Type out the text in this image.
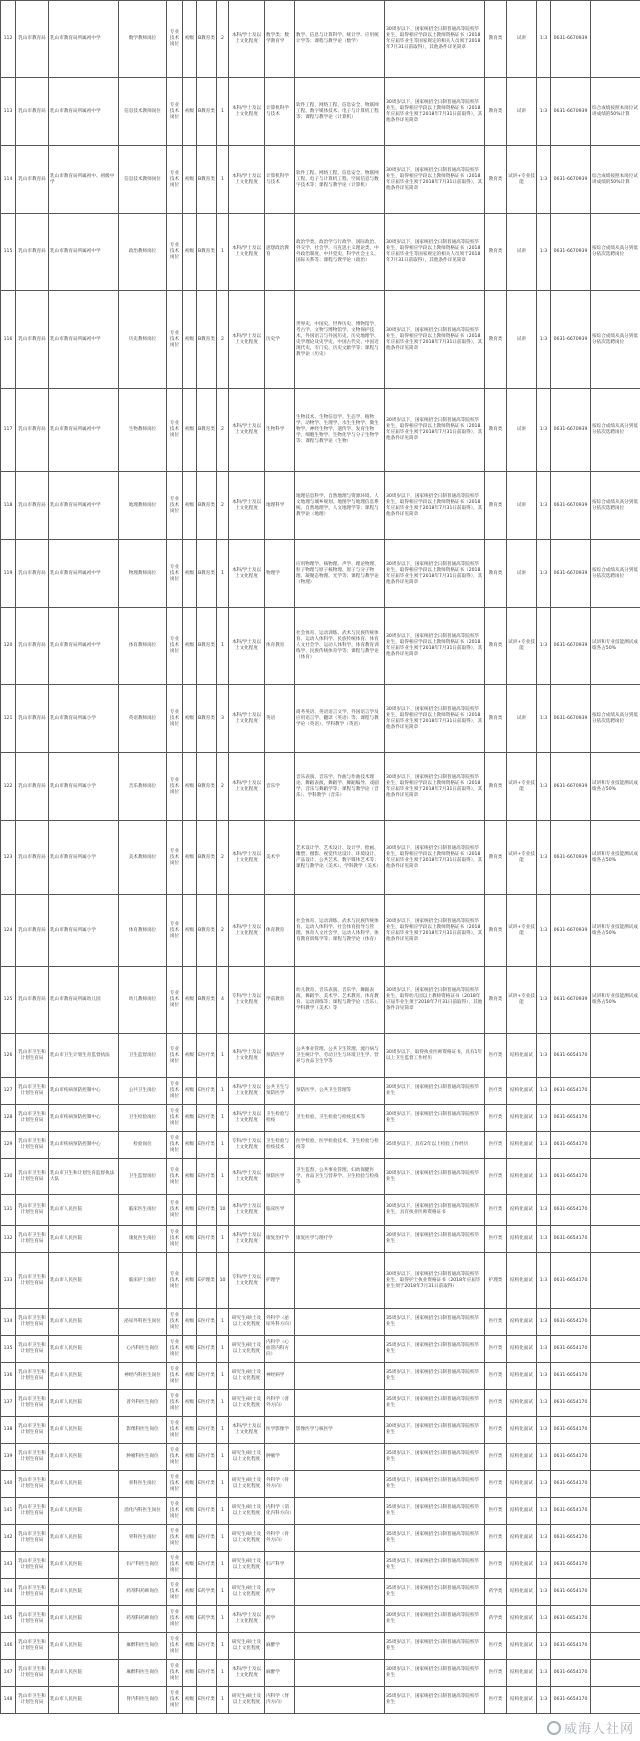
112	乳山市教育局	乳山市教育局所属初中学	数学教师岗位	专业技术岗位	初级	B教育类	2	本科/学士及以上文化程度	数学类；数学教育学	数学、信息与计算科学、统计学、应用统计学等；课程与教学论（数学）	30周岁以下，国家统招全日制普通高等院校毕业生，取得相应学段以上教师资格证书（2018年应届毕业生等国家规定的相关人员须于2018年7月31日前取得），其他条件详见简章	教育类	试讲	1:3	0631-6670939	
113	乳山市教育局	乳山市教育局所属初中学	信息技术教师岗位	专业技术岗位	初级	B教育类	1	本科/学士及以上文化程度	计算机科学与技术	软件工程、网络工程、信息安全、物联网工程、数字媒体技术、电子与计算机工程等；课程与教学论（计算机）	30周岁以下，国家统招全日制普通高等院校毕业生，取得相应学段以上教师资格证书（2018年应届毕业生须于2018年7月31日前取得），其他条件详见简章	教育类	试讲	1:3	0631-6670939	综合成绩按照本岗位试讲成绩的50%计算
114	乳山市教育局	乳山市教育局所属初中、初级中学	信息技术教师岗位	专业技术岗位	初级	B教育类	1	本科/学士及以上文化程度	计算机科学与技术	软件工程、网络工程、信息安全、物联网工程、电子与计算机工程、空间信息与数字技术等；课程与教学论（计算机）	30周岁以下，国家统招全日制普通高等院校毕业生，取得相应学段以上教师资格证书（2018年应届毕业生须于2018年7月31日前取得），其他条件详见简章	教育类	试讲+专业技能	1:3	0631-6670939	综合成绩按照本岗位试讲成绩的50%计算
115	乳山市教育局	乳山市教育局所属初中学	政治教师岗位	专业技术岗位	初级	B教育类	1	本科/学士及以上文化程度	思想政治教育	政治学类、政治学与行政学、国际政治、外交学、社会学、马克思主义理论类、中外政治制度、中共党史、科学社会主义、国际关系等；课程与教学论（政治）	30周岁以下，国家统招全日制普通高等院校毕业生，取得相应学段以上教师资格证书（2018年应届毕业生等国家规定的相关人员须于2018年7月31日前取得），其他条件详见简章	教育类	试讲	1:3	0631-6670939	按综合成绩从高分到低分依次选聘岗位
116	乳山市教育局	乳山市教育局所属初中学	历史教师岗位	专业技术岗位	初级	B教育类	2	本科/学士及以上文化程度	历史学	世界史、中国史、世界历史、博物馆学、考古学、文物与博物馆学、文物保护技术、外国语言与外国历史、历史地理学、史学理论及史学史、中国古代史、中国近现代史、专门史、历史文献学等；课程与教学论（历史）	30周岁以下，国家统招全日制普通高等院校毕业生，取得相应学段以上教师资格证书（2018年应届毕业生须于2018年7月31日前取得），其他条件详见简章	教育类	试讲	1:3	0631-6670939	按综合成绩从高分到低分依次选聘岗位
117	乳山市教育局	乳山市教育局所属初中学	生物教师岗位	专业技术岗位	初级	B教育类	2	本科/学士及以上文化程度	生物科学	生物技术、生物信息学、生态学、植物学、动物学、生理学、水生生物学、微生物学、神经生物学、遗传学、发育生物学、细胞生物学、生物化学与分子生物学等；课程与教学论（生物）	30周岁以下，国家统招全日制普通高等院校毕业生，取得相应学段以上教师资格证书（2018年应届毕业生须于2018年7月31日前取得），其他条件详见简章	教育类	试讲	1:3	0631-6670939	按综合成绩从高分到低分依次选聘岗位
118	乳山市教育局	乳山市教育局所属初中学	地理教师岗位	专业技术岗位	初级	B教育类	2	本科/学士及以上文化程度	地理科学	地理信息科学、自然地理与资源环境、人文地理与城乡规划、地图学与地理信息系统、自然地理学、人文地理学等；课程与教学论（地理）	30周岁以下，国家统招全日制普通高等院校毕业生，取得相应学段以上教师资格证书（2018年应届毕业生须于2018年7月31日前取得），其他条件详见简章	教育类	试讲	1:3	0631-6670939	按综合成绩从高分到低分依次选聘岗位
119	乳山市教育局	乳山市教育局所属初中学	物理教师岗位	专业技术岗位	初级	B教育类	1	本科/学士及以上文化程度	物理学	应用物理学、核物理、声学、理论物理、粒子物理与原子核物理、原子与分子物理、凝聚态物理、光学等；课程与教学论（物理）	30周岁以下，国家统招全日制普通高等院校毕业生，取得相应学段以上教师资格证书（2018年应届毕业生须于2018年7月31日前取得），其他条件详见简章	教育类	试讲	1:3	0631-6670939	按综合成绩从高分到低分依次选聘岗位
120	乳山市教育局	乳山市教育局所属初中学	体育教师岗位	专业技术岗位	初级	B教育类	1	本科/学士及以上文化程度	体育教育	社会体育、运动训练、武术与民族传统体育、运动人体科学、民族传统体育、体育人文社会学、运动人体科学、体育教育训练学、民族传统体育学等；课程与教学论（体育）	30周岁以下，国家统招全日制普通高等院校毕业生，取得相应学段以上教师资格证书（2018年应届毕业生须于2018年7月31日前取得），其他条件详见简章	教育类	试讲+专业技能	1:3	0631-6670939	试讲和专业技能测试成绩各占50%
121	乳山市教育局	乳山市教育局所属小学	英语教师岗位	专业技术岗位	初级	B教育类	3	本科/学士及以上文化程度	英语	商务英语、英语语言文学、外国语言学及应用语言学、翻译（英语）等；课程与教学论（英语）、学科教学（英语）	30周岁以下，国家统招全日制普通高等院校毕业生，取得相应学段以上教师资格证书（2018年应届毕业生须于2018年7月31日前取得），其他条件详见简章	教育类	试讲	1:3	0631-6670939	按综合成绩从高分到低分依次选聘岗位
122	乳山市教育局	乳山市教育局所属小学	音乐教师岗位	专业技术岗位	初级	B教育类	2	本科/学士及以上文化程度	音乐学	音乐表演、音乐学、作曲与作曲技术理论、舞蹈表演、舞蹈学、舞蹈编导、戏剧学、音乐与舞蹈学等；课程与教学论（音乐）、学科教学（音乐）	30周岁以下，国家统招全日制普通高等院校毕业生，取得相应学段以上教师资格证书（2018年应届毕业生须于2018年7月31日前取得），其他条件详见简章	教育类	试讲+专业技能	1:3	0631-6670939	试讲和专业技能测试成绩各占50%
123	乳山市教育局	乳山市教育局所属小学	美术教师岗位	专业技术岗位	初级	B教育类	2	本科/学士及以上文化程度	美术学	艺术设计学、艺术设计、设计学、绘画、雕塑、摄影、视觉传达设计、环境设计、产品设计、公共艺术、数字媒体艺术等；课程与教学论（美术）、学科教学（美术）	30周岁以下，国家统招全日制普通高等院校毕业生，取得相应学段以上教师资格证书（2018年应届毕业生须于2018年7月31日前取得），其他条件详见简章	教育类	试讲+专业技能	1:3	0631-6670939	试讲和专业技能测试成绩各占50%
124	乳山市教育局	乳山市教育局所属小学	体育教师岗位	专业技术岗位	初级	B教育类	2	本科/学士及以上文化程度	体育教育	社会体育、运动训练、武术与民族传统体育、运动人体科学、社会体育指导与管理、体育人文社会学、运动人体科学、体育教育训练学等；课程与教学论（体育）	30周岁以下，国家统招全日制普通高等院校毕业生，取得相应学段以上教师资格证书（2018年应届毕业生须于2018年7月31日前取得），其他条件详见简章	教育类	试讲+专业技能	1:3	0631-6670939	试讲和专业技能测试成绩各占50%
125	乳山市教育局	乳山市教育局所属幼儿园	幼儿教师岗位	专业技术岗位	初级	B教育类	4	专科/学士及以上文化程度	学前教育	幼儿教育、音乐表演、音乐学、舞蹈表演、舞蹈学、美术学、艺术教育、体育教育、运动训练等；课程与教学论（音乐）、学科教学（美术）等	30周岁以下，国家统招全日制普通高等院校毕业生，取得幼儿园以上教师资格证书（2018年应届毕业生须于2018年7月31日前取得），其他条件详见简章	教育类	试讲+专业技能	1:3	0631-6670939	试讲和专业技能测试成绩各占50%
126	乳山市卫生和计划生育局	乳山市卫生计划生育监督执法	卫生监督岗位	专业技术岗位	初级	E医疗类	1	本科/学士及以上文化程度	预防医学	公共事业管理、公共卫生管理、流行病与卫生统计学、劳动卫生与环境卫生学、营养与食品卫生学等	30周岁以下，取得执业医师资格证书，具有1年以上卫生监督工作经历	医疗类	结构化面试	1:3	0631-6654170	
127	乳山市卫生和计划生育局	乳山市疾病预防控制中心	公共卫生岗位	专业技术岗位	初级	E医疗类	1	本科/学士及以上文化程度	公共卫生与预防医学	预防医学、公共卫生管理等	30周岁以下，国家统招全日制普通高等院校毕业生	医疗类	结构化面试	1:3	0631-6654170	
128	乳山市卫生和计划生育局	乳山市疾病预防控制中心	卫生检验岗位	专业技术岗位	初级	E医疗类	1	本科/学士及以上文化程度	卫生检验与检疫	卫生检验、卫生检验与检疫技术等	30周岁以下，国家统招全日制普通高等院校毕业生	医疗类	结构化面试	1:3	0631-6654170	
129	乳山市卫生和计划生育局	乳山市疾病预防控制中心	检验岗位	专业技术岗位	初级	E医疗类	1	专科/学士及以上文化程度	卫生检验与检疫技术	医学检验、医学检验技术、卫生检验与检疫等	35周岁以下，具有2年以上检验工作经历	医疗类	结构化面试	1:3	0631-6654170	
130	乳山市卫生和计划生育局	乳山市卫生和计划生育监督执法大队	卫生监督岗位	专业技术岗位	初级	E医疗类	1	本科/学士及以上文化程度	预防医学	卫生监督、公共事业管理、妇幼保健医学、食品卫生与营养学、卫生检验与检疫等	30周岁以下，国家统招全日制普通高等院校毕业生	医疗类	结构化面试	1:3	0631-6654170	
131	乳山市卫生和计划生育局	乳山市人民医院	临床医生岗位	专业技术岗位	初级	E医疗类	10	本科/学士及以上文化程度	临床医学		30周岁以下，国家统招全日制普通高等院校毕业生，具有执业医师资格证书	医疗类	结构化面试	1:3	0631-6654170	
132	乳山市卫生和计划生育局	乳山市人民医院	康复医生岗位	专业技术岗位	初级	E医疗类	1	本科/学士及以上文化程度	康复治疗学	康复医学与理疗学	30周岁以下，国家统招全日制普通高等院校毕业生	医疗类	结构化面试	1:3	0631-6654170	
133	乳山市卫生和计划生育局	乳山市人民医院	临床护士岗位	专业技术岗位	初级	E护理类	10	专科/学士及以上文化程度	护理学		30周岁以下，国家统招全日制普通高等院校毕业生，取得护士执业资格证书（2018年应届毕业生须于2018年7月31日前取得）	护理类	结构化面试	1:3	0631-6654170	
134	乳山市卫生和计划生育局	乳山市人民医院	泌尿外科医生岗位	专业技术岗位	初级	E医疗类	1	研究生/硕士及以上文化程度	外科学（泌尿外科方向）		35周岁以下，国家统招全日制普通高等院校毕业生	医疗类	结构化面试	1:3	0631-6654170	
135	乳山市卫生和计划生育局	乳山市人民医院	心内科医生岗位	专业技术岗位	初级	E医疗类	1	研究生/硕士及以上文化程度	内科学（心血管内科方向）		35周岁以下，国家统招全日制普通高等院校毕业生	医疗类	结构化面试	1:3	0631-6654170	
136	乳山市卫生和计划生育局	乳山市人民医院	神经内科医生岗位	专业技术岗位	初级	E医疗类	1	研究生/硕士及以上文化程度	神经病学		35周岁以下，国家统招全日制普通高等院校毕业生	医疗类	结构化面试	1:3	0631-6654170	
137	乳山市卫生和计划生育局	乳山市人民医院	普外科医生岗位	专业技术岗位	初级	E医疗类	1	研究生/硕士及以上文化程度	外科学（普外方向）		35周岁以下，国家统招全日制普通高等院校毕业生	医疗类	结构化面试	1:3	0631-6654170	
138	乳山市卫生和计划生育局	乳山市人民医院	影像科医生岗位	专业技术岗位	初级	E医疗类	1	本科/学士及以上文化程度	医学影像学	影像医学与核医学	30周岁以下，国家统招全日制普通高等院校毕业生	医疗类	结构化面试	1:3	0631-6654170	
139	乳山市卫生和计划生育局	乳山市人民医院	肿瘤科医生岗位	专业技术岗位	初级	E医疗类	1	研究生/硕士及以上文化程度	肿瘤学		35周岁以下，国家统招全日制普通高等院校毕业生	医疗类	结构化面试	1:3	0631-6654170	
140	乳山市卫生和计划生育局	乳山市人民医院	骨科医生岗位	专业技术岗位	初级	E医疗类	1	研究生/硕士及以上文化程度	外科学（骨外方向）		35周岁以下，国家统招全日制普通高等院校毕业生	医疗类	结构化面试	1:3	0631-6654170	
141	乳山市卫生和计划生育局	乳山市人民医院	消化内科医生岗位	专业技术岗位	初级	E医疗类	1	研究生/硕士及以上文化程度	内科学（消化内科方向）		35周岁以下，国家统招全日制普通高等院校毕业生	医疗类	结构化面试	1:3	0631-6654170	
142	乳山市卫生和计划生育局	乳山市人民医院	骨科医生岗位	专业技术岗位	初级	E医疗类	1	研究生/硕士及以上文化程度	外科学（骨外方向）		35周岁以下，国家统招全日制普通高等院校毕业生	医疗类	结构化面试	1:3	0631-6654170	
143	乳山市卫生和计划生育局	乳山市人民医院	妇产科医生岗位	专业技术岗位	初级	E医疗类	1	研究生/硕士及以上文化程度	妇产科学		35周岁以下，国家统招全日制普通高等院校毕业生	医疗类	结构化面试	1:3	0631-6654170	
144	乳山市卫生和计划生育局	乳山市人民医院	药剂科药师岗位	专业技术岗位	初级	E药学类	1	研究生/硕士及以上文化程度	药学		35周岁以下，国家统招全日制普通高等院校毕业生	药学类	结构化面试	1:3	0631-6654170	
145	乳山市卫生和计划生育局	乳山市人民医院	药剂科药师岗位	专业技术岗位	初级	E药学类	1	本科/学士及以上文化程度	药学		30周岁以下，国家统招全日制普通高等院校毕业生	药学类	结构化面试	1:3	0631-6654170	
146	乳山市卫生和计划生育局	乳山市人民医院	麻醉科医生岗位	专业技术岗位	初级	E医疗类	1	研究生/硕士及以上文化程度	麻醉学		35周岁以下，国家统招全日制普通高等院校毕业生	医疗类	结构化面试	1:3	0631-6654170	
147	乳山市卫生和计划生育局	乳山市人民医院	麻醉科医生岗位	专业技术岗位	初级	E医疗类	1	本科/学士及以上文化程度	麻醉学		30周岁以下，国家统招全日制普通高等院校毕业生	医疗类	结构化面试	1:3	0631-6654170	
148	乳山市卫生和计划生育局	乳山市人民医院	肾内科医生岗位	专业技术岗位	初级	E医疗类	1	研究生/硕士及以上文化程度	内科学（肾内方向）		35周岁以下，国家统招全日制普通高等院校毕业生	医疗类	结构化面试	1:3	0631-6654170	
威海人社网
